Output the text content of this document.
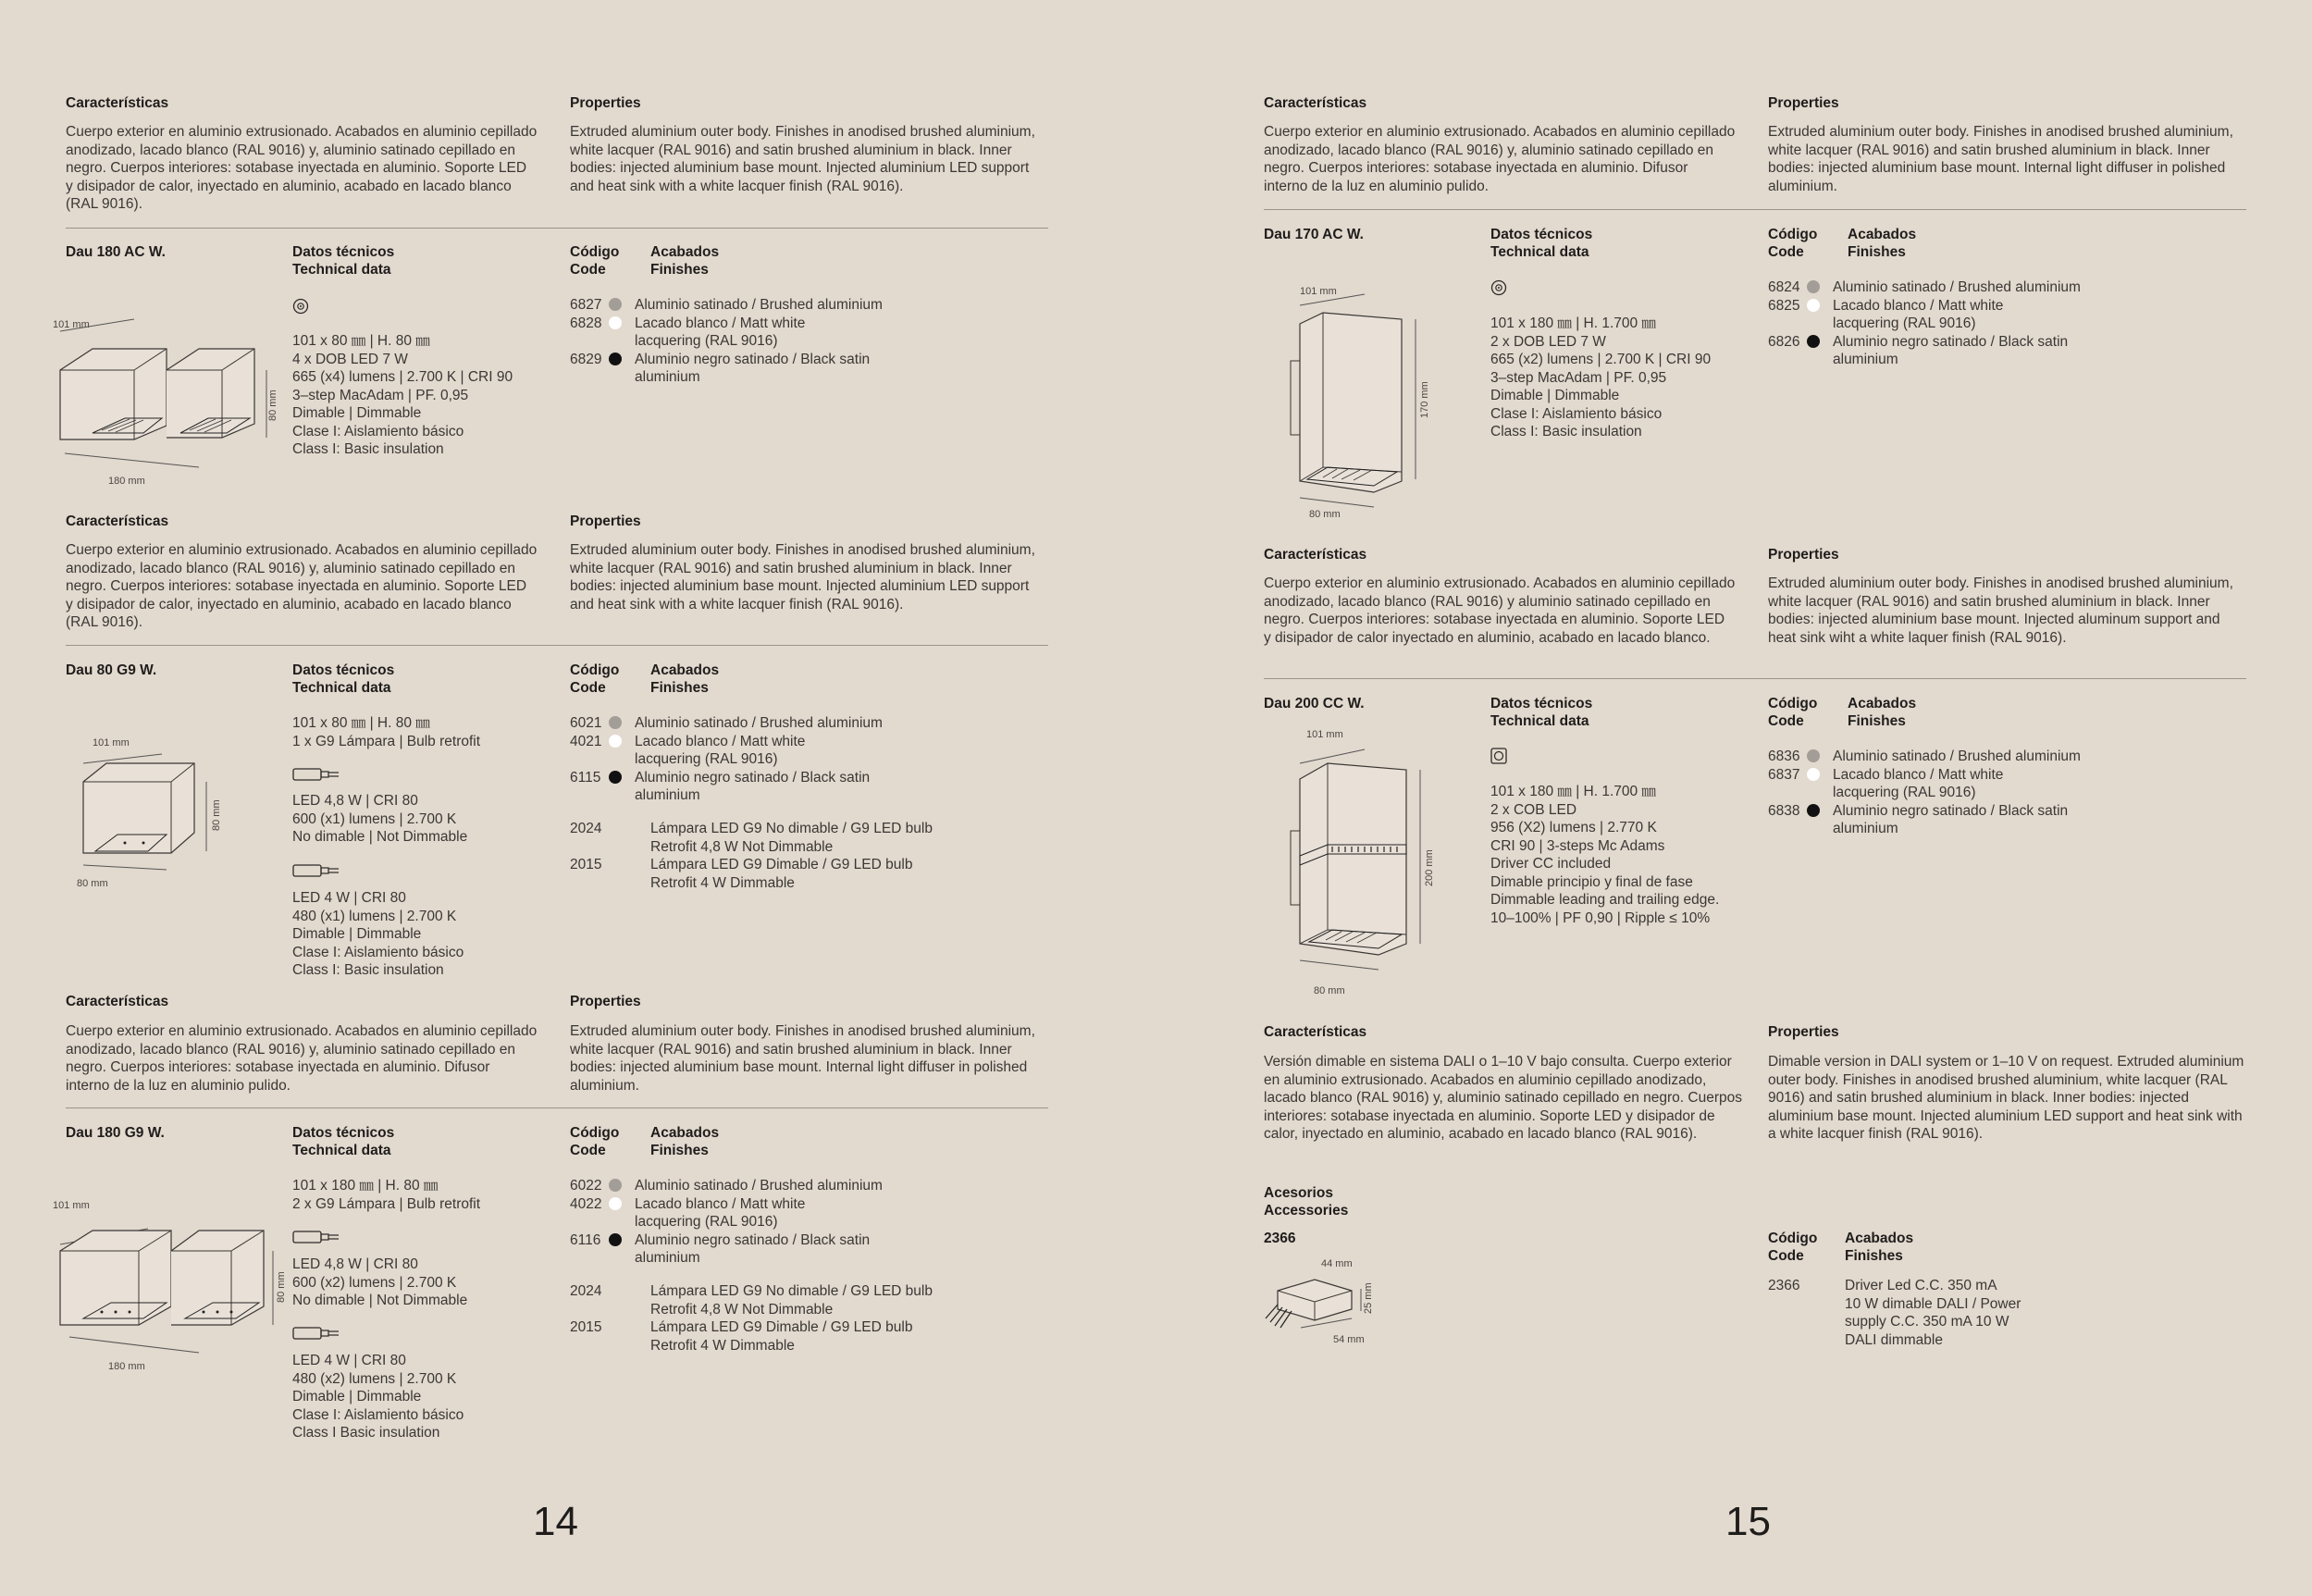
Características

Cuerpo exterior en aluminio extrusionado. Acabados en aluminio cepillado anodizado, lacado blanco (RAL 9016) y, aluminio satinado cepillado en negro. Cuerpos interiores: sotabase inyectada en aluminio. Soporte LED y disipador de calor, inyectado en aluminio, acabado en lacado blanco (RAL 9016).

Properties

Extruded aluminium outer body. Finishes in anodised brushed aluminium, white lacquer (RAL 9016) and satin brushed aluminium in black. Inner bodies: injected aluminium base mount. Injected aluminium LED support and heat sink with a white lacquer finish (RAL 9016).

Dau 180 AC W.	Datos técnicos

Technical data

101 x 80 ㎜ | H. 80 ㎜

4 x DOB LED 7 W

665 (x4) lumens | 2.700 K | CRI 90

3–step MacAdam | PF. 0,95

Dimable | Dimmable

Clase I: Aislamiento básico

Class I: Basic insulation

Código

Code

Acabados

Finishes

6827	Aluminio satinado / Brushed aluminium
6828	Lacado blanco / Matt white
lacquering (RAL 9016)
6829	Aluminio negro satinado / Black satin
aluminium
101 mm
180 mm
80 mm

Características

Cuerpo exterior en aluminio extrusionado. Acabados en aluminio cepillado anodizado, lacado blanco (RAL 9016) y, aluminio satinado cepillado en negro. Cuerpos interiores: sotabase inyectada en aluminio. Soporte LED y disipador de calor, inyectado en aluminio, acabado en lacado blanco (RAL 9016).

Properties

Extruded aluminium outer body. Finishes in anodised brushed aluminium, white lacquer (RAL 9016) and satin brushed aluminium in black. Inner bodies: injected aluminium base mount. Injected aluminium LED support and heat sink with a white lacquer finish (RAL 9016).

Dau 80 G9 W.	Datos técnicos

Technical data

101 x 80 ㎜ | H. 80 ㎜

1 x G9 Lámpara | Bulb retrofit

LED 4,8 W | CRI 80

600 (x1) lumens | 2.700 K

No dimable | Not Dimmable

LED 4 W | CRI 80

480 (x1) lumens | 2.700 K

Dimable | Dimmable

Clase I: Aislamiento básico

Class I: Basic insulation

Código

Code

Acabados

Finishes

6021	Aluminio satinado / Brushed aluminium
4021	Lacado blanco / Matt white
lacquering (RAL 9016)
6115	Aluminio negro satinado / Black satin
aluminium
2024	Lámpara LED G9 No dimable / G9 LED bulb
Retrofit 4,8 W Not Dimmable
2015	Lámpara LED G9 Dimable / G9 LED bulb
Retrofit 4 W Dimmable
101 mm
80 mm
80 mm

Características

Cuerpo exterior en aluminio extrusionado. Acabados en aluminio cepillado anodizado, lacado blanco (RAL 9016) y, aluminio satinado cepillado en negro. Cuerpos interiores: sotabase inyectada en aluminio. Difusor interno de la luz en aluminio pulido.

Properties

Extruded aluminium outer body. Finishes in anodised brushed aluminium, white lacquer (RAL 9016) and satin brushed aluminium in black. Inner bodies: injected aluminium base mount. Internal light diffuser in polished aluminium.

Dau 180 G9 W.	Datos técnicos

Technical data

101 x 180 ㎜ | H. 80 ㎜

2 x G9 Lámpara | Bulb retrofit

LED 4,8 W | CRI 80

600 (x2) lumens | 2.700 K

No dimable | Not Dimmable

LED 4 W | CRI 80

480 (x2) lumens | 2.700 K

Dimable | Dimmable

Clase I: Aislamiento básico

Class I Basic insulation

Código

Code

Acabados

Finishes

6022	Aluminio satinado / Brushed aluminium
4022	Lacado blanco / Matt white
lacquering (RAL 9016)
6116	Aluminio negro satinado / Black satin
aluminium
2024	Lámpara LED G9 No dimable / G9 LED bulb
Retrofit 4,8 W Not Dimmable
2015	Lámpara LED G9 Dimable / G9 LED bulb
Retrofit 4 W Dimmable
101 mm
180 mm
80 mm
14

Características

Cuerpo exterior en aluminio extrusionado. Acabados en aluminio cepillado anodizado, lacado blanco (RAL 9016) y, aluminio satinado cepillado en negro. Cuerpos interiores: sotabase inyectada en aluminio. Difusor interno de la luz en aluminio pulido.

Properties

Extruded aluminium outer body. Finishes in anodised brushed aluminium, white lacquer (RAL 9016) and satin brushed aluminium in black. Inner bodies: injected aluminium base mount. Internal light diffuser in polished aluminium.

Dau 170 AC W.	Datos técnicos

Technical data

101 x 180 ㎜ | H. 1.700 ㎜

2 x DOB LED 7 W

665 (x2) lumens | 2.700 K | CRI 90

3–step MacAdam | PF. 0,95

Dimable | Dimmable

Clase I: Aislamiento básico

Class I: Basic insulation

Código

Code

Acabados

Finishes

6824	Aluminio satinado / Brushed aluminium
6825	Lacado blanco / Matt white
lacquering (RAL 9016)
6826	Aluminio negro satinado / Black satin
aluminium
101 mm
80 mm
170 mm

Características

Cuerpo exterior en aluminio extrusionado. Acabados en aluminio cepillado anodizado, lacado blanco (RAL 9016) y aluminio satinado cepillado en negro. Cuerpos interiores: sotabase inyectada en aluminio. Soporte LED y disipador de calor inyectado en aluminio, acabado en lacado blanco.

Properties

Extruded aluminium outer body. Finishes in anodised brushed aluminium, white lacquer (RAL 9016) and satin brushed aluminium in black. Inner bodies: injected aluminium base mount. Injected aluminum support and heat sink wiht a white laquer finish (RAL 9016).

Dau 200 CC W.	Datos técnicos

Technical data

101 x 180 ㎜ | H. 1.700 ㎜

2 x COB LED

956 (X2) lumens | 2.770 K

CRI 90 | 3-steps Mc Adams

Driver CC included

Dimable principio y final de fase

Dimmable leading and trailing edge.

10–100% | PF 0,90 | Ripple ≤ 10%

Código

Code

Acabados

Finishes

6836	Aluminio satinado / Brushed aluminium
6837	Lacado blanco / Matt white
lacquering (RAL 9016)
6838	Aluminio negro satinado / Black satin
aluminium
101 mm
80 mm
200 mm

Características

Versión dimable en sistema DALI o 1–10 V bajo consulta. Cuerpo exterior en aluminio extrusionado. Acabados en aluminio cepillado anodizado, lacado blanco (RAL 9016) y, aluminio satinado cepillado en negro. Cuerpos interiores: sotabase inyectada en aluminio. Soporte LED y disipador de calor, inyectado en aluminio, acabado en lacado blanco (RAL 9016).

Properties

Dimable version in DALI system or 1–10 V on request. Extruded aluminium outer body. Finishes in anodised brushed aluminium, white lacquer (RAL 9016) and satin brushed aluminium in black. Inner bodies: injected aluminium base mount. Injected aluminium LED support and heat sink with a white lacquer finish (RAL 9016).

Acesorios

Accessories

2366

44 mm
25 mm
54 mm

Código

Code

Acabados

Finishes

2366	Driver Led C.C. 350 mA
10 W dimable DALI / Power
supply C.C. 350 mA 10 W
DALI dimmable
15
